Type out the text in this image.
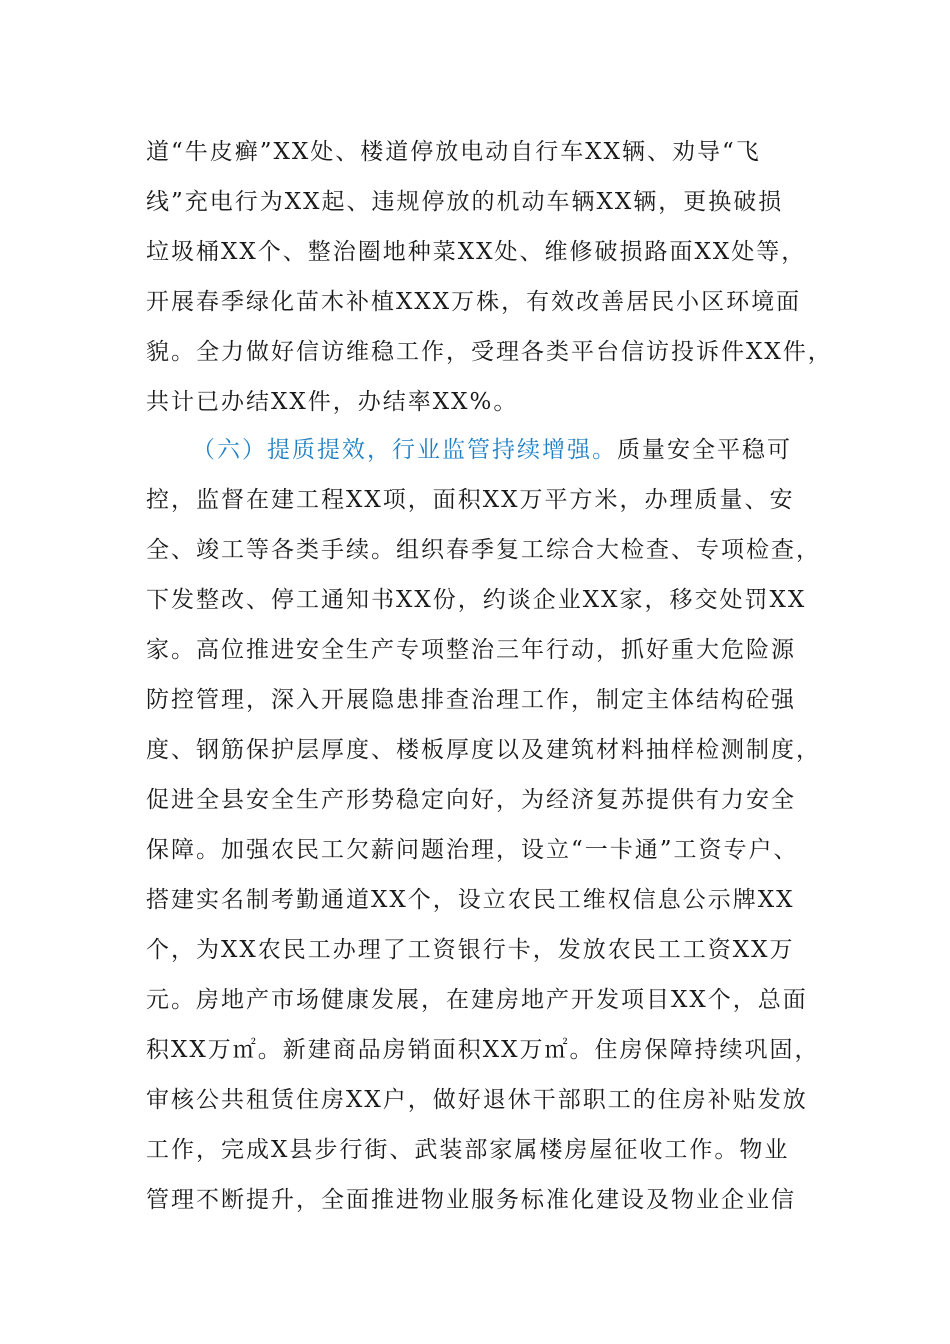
道“牛皮癣”XX处、楼道停放电动自行车XX辆、劝导“飞
线”充电行为XX起、违规停放的机动车辆XX辆，更换破损
垃圾桶XX个、整治圈地种菜XX处、维修破损路面XX处等，
开展春季绿化苗木补植XXX万株，有效改善居民小区环境面
貌。全力做好信访维稳工作，受理各类平台信访投诉件XX件，
共计已办结XX件，办结率XX%。
（六）提质提效，行业监管持续增强。质量安全平稳可
控，监督在建工程XX项，面积XX万平方米，办理质量、安
全、竣工等各类手续。组织春季复工综合大检查、专项检查，
下发整改、停工通知书XX份，约谈企业XX家，移交处罚XX
家。高位推进安全生产专项整治三年行动，抓好重大危险源
防控管理，深入开展隐患排查治理工作，制定主体结构砼强
度、钢筋保护层厚度、楼板厚度以及建筑材料抽样检测制度，
促进全县安全生产形势稳定向好，为经济复苏提供有力安全
保障。加强农民工欠薪问题治理，设立“一卡通”工资专户、
搭建实名制考勤通道XX个，设立农民工维权信息公示牌XX
个，为XX农民工办理了工资银行卡，发放农民工工资XX万
元。房地产市场健康发展，在建房地产开发项目XX个，总面
积XX万㎡。新建商品房销面积XX万㎡。住房保障持续巩固，
审核公共租赁住房XX户，做好退休干部职工的住房补贴发放
工作，完成X县步行街、武装部家属楼房屋征收工作。物业
管理不断提升，全面推进物业服务标准化建设及物业企业信
